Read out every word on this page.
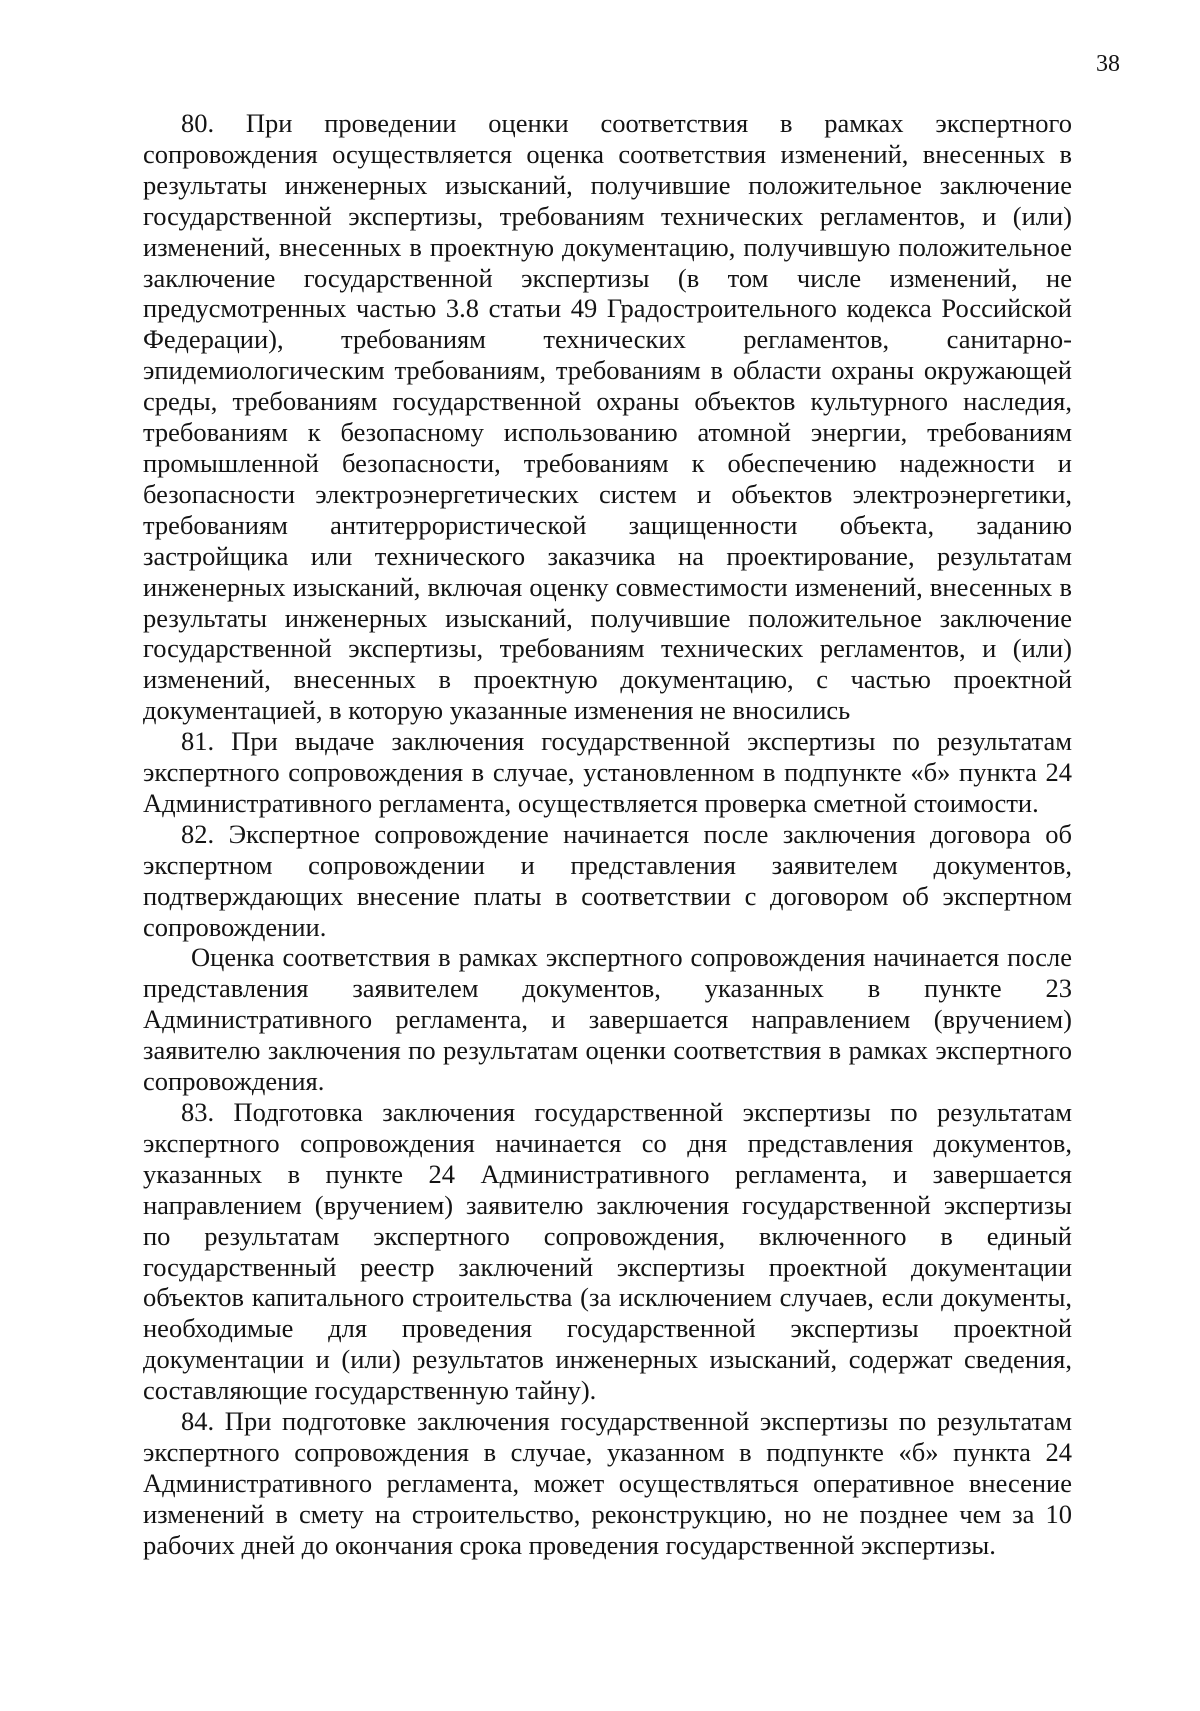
38

80. При проведении оценки соответствия в рамках экспертного сопровождения осуществляется оценка соответствия изменений, внесенных в результаты инженерных изысканий, получившие положительное заключение государственной экспертизы, требованиям технических регламентов, и (или) изменений, внесенных в проектную документацию, получившую положительное заключение государственной экспертизы (в том числе изменений, не предусмотренных частью 3.8 статьи 49 Градостроительного кодекса Российской Федерации), требованиям технических регламентов, санитарно-эпидемиологическим требованиям, требованиям в области охраны окружающей среды, требованиям государственной охраны объектов культурного наследия, требованиям к безопасному использованию атомной энергии, требованиям промышленной безопасности, требованиям к обеспечению надежности и безопасности электроэнергетических систем и объектов электроэнергетики, требованиям антитеррористической защищенности объекта, заданию застройщика или технического заказчика на проектирование, результатам инженерных изысканий, включая оценку совместимости изменений, внесенных в результаты инженерных изысканий, получившие положительное заключение государственной экспертизы, требованиям технических регламентов, и (или) изменений, внесенных в проектную документацию, с частью проектной документацией, в которую указанные изменения не вносились

81. При выдаче заключения государственной экспертизы по результатам экспертного сопровождения в случае, установленном в подпункте «б» пункта 24 Административного регламента, осуществляется проверка сметной стоимости.

82. Экспертное сопровождение начинается после заключения договора об экспертном сопровождении и представления заявителем документов, подтверждающих внесение платы в соответствии с договором об экспертном сопровождении.

Оценка соответствия в рамках экспертного сопровождения начинается после представления заявителем документов, указанных в пункте 23 Административного регламента, и завершается направлением (вручением) заявителю заключения по результатам оценки соответствия в рамках экспертного сопровождения.

83. Подготовка заключения государственной экспертизы по результатам экспертного сопровождения начинается со дня представления документов, указанных в пункте 24 Административного регламента, и завершается направлением (вручением) заявителю заключения государственной экспертизы по результатам экспертного сопровождения, включенного в единый государственный реестр заключений экспертизы проектной документации объектов капитального строительства (за исключением случаев, если документы, необходимые для проведения государственной экспертизы проектной документации и (или) результатов инженерных изысканий, содержат сведения, составляющие государственную тайну).

84. При подготовке заключения государственной экспертизы по результатам экспертного сопровождения в случае, указанном в подпункте «б» пункта 24 Административного регламента, может осуществляться оперативное внесение изменений в смету на строительство, реконструкцию, но не позднее чем за 10 рабочих дней до окончания срока проведения государственной экспертизы.
